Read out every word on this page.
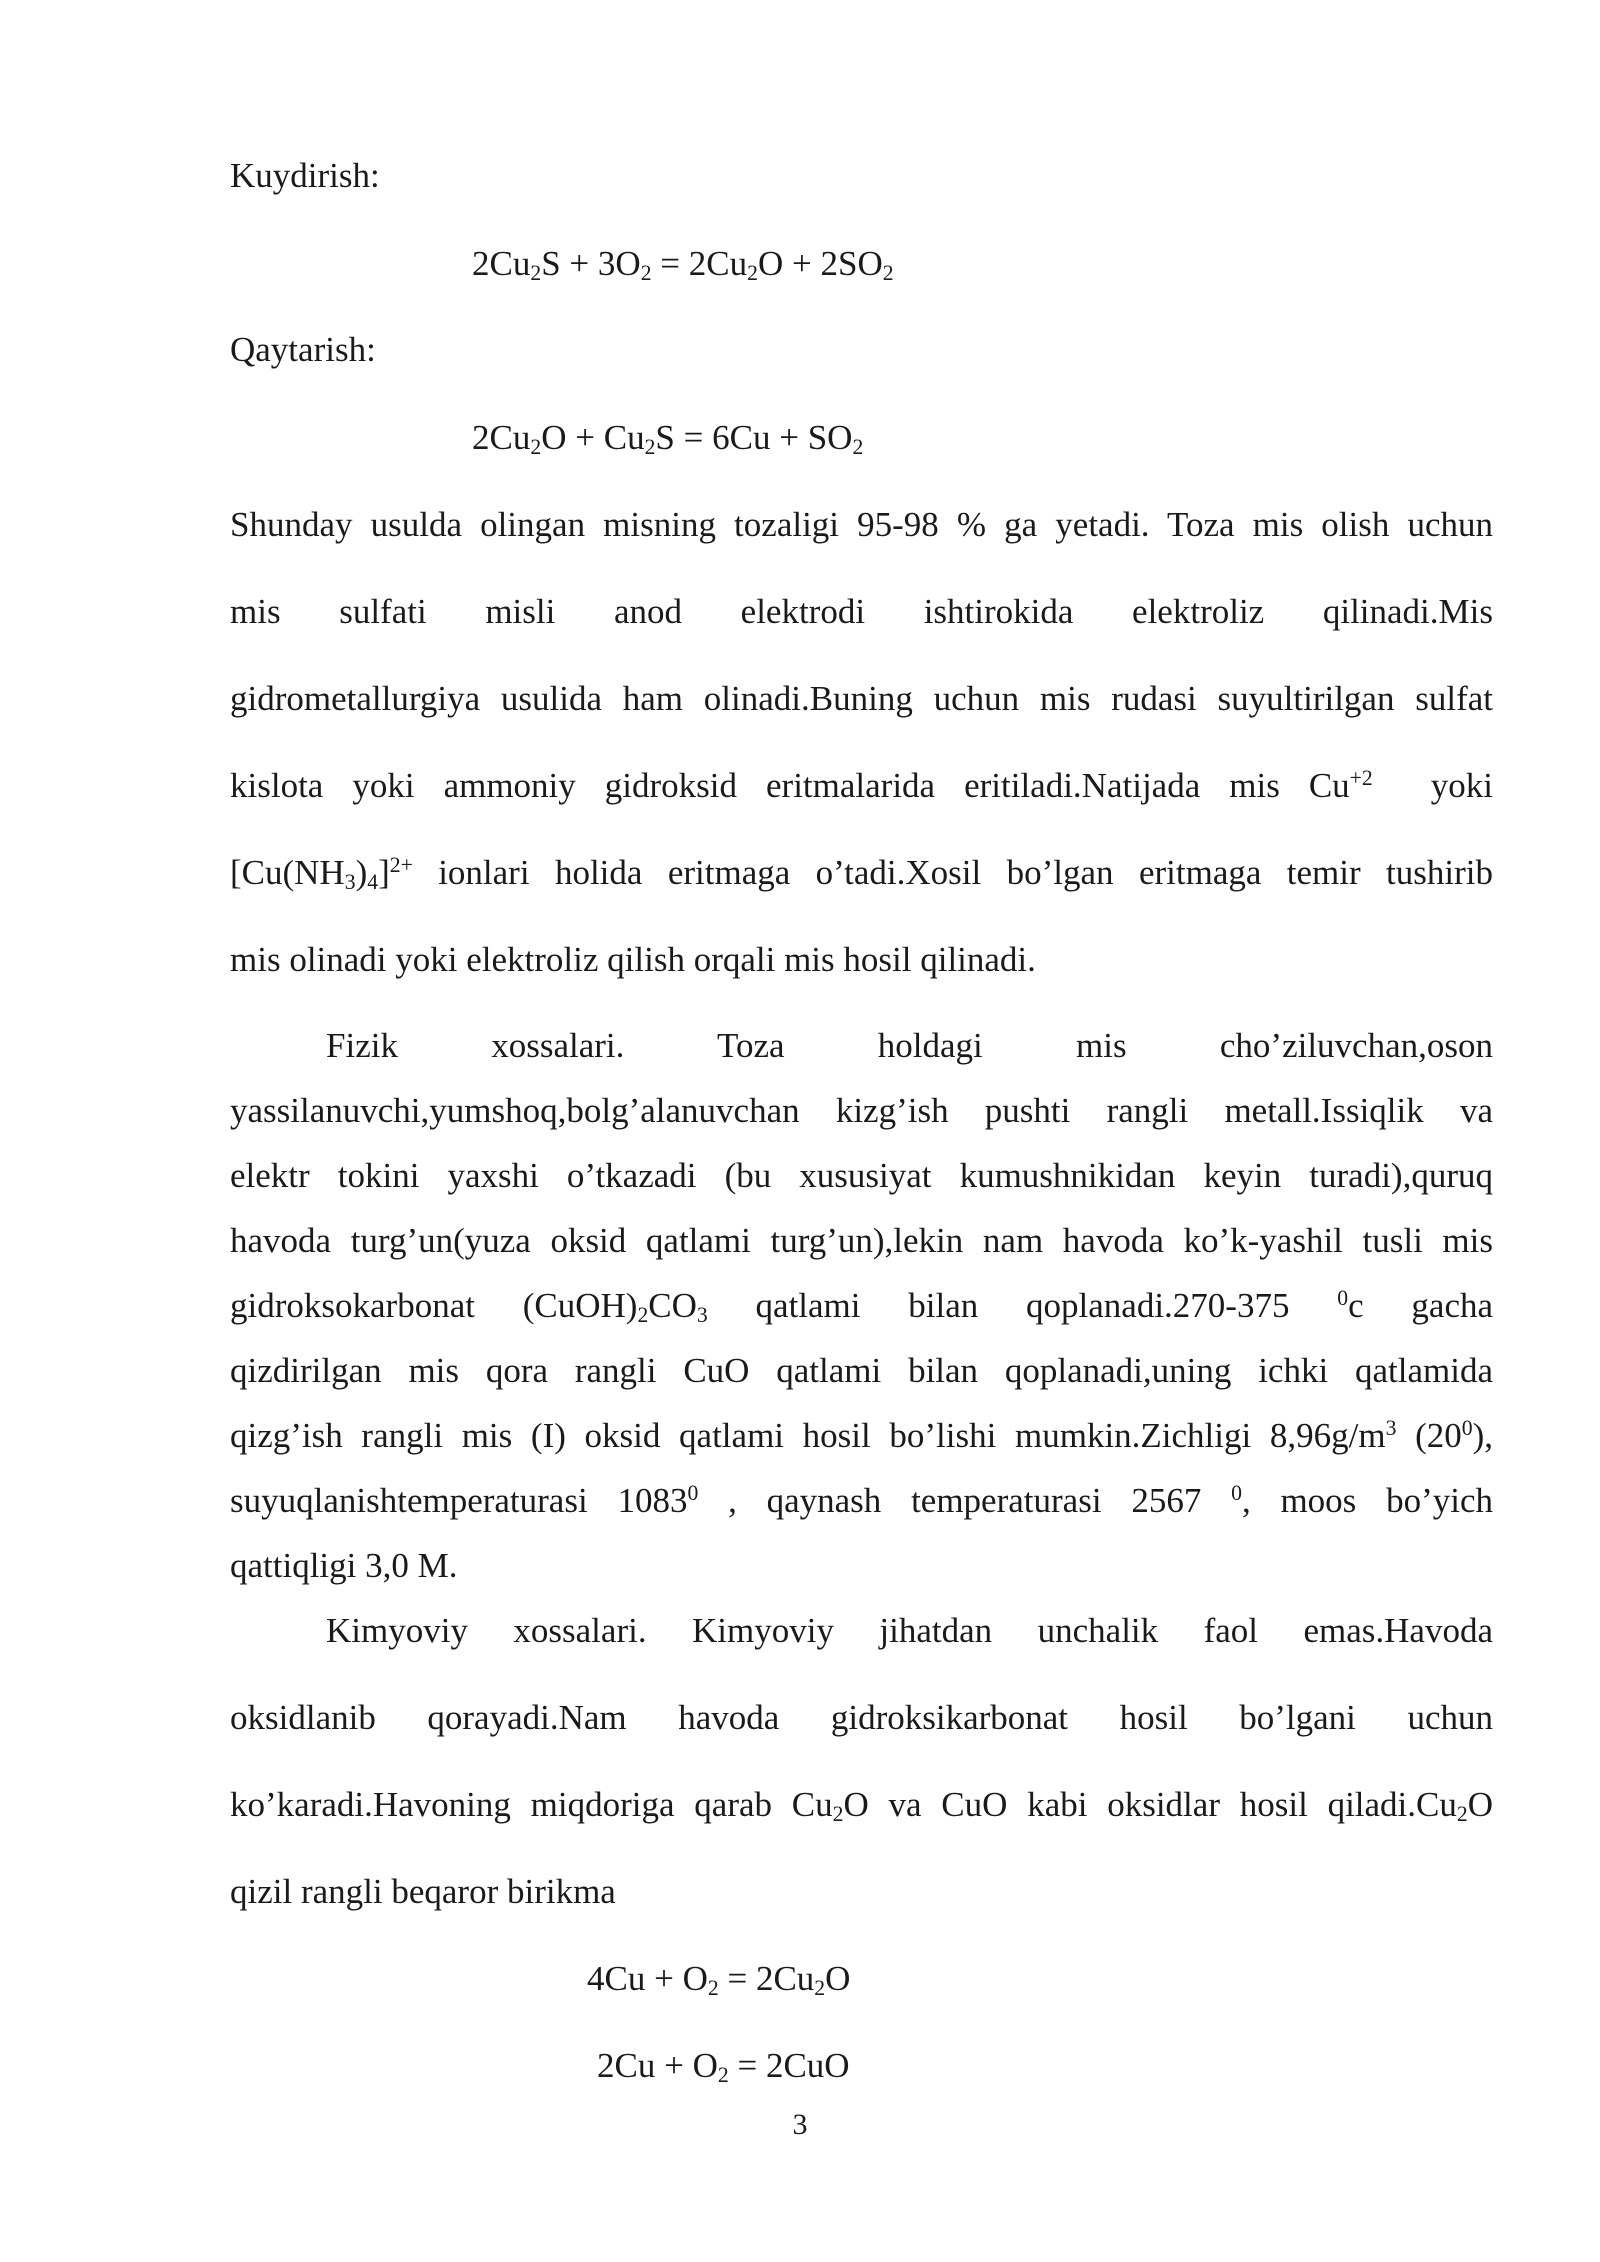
Kuydirish:
$2Cu_2S + 3O_2 = 2Cu_2O + 2SO_2$
Qaytarish:
$2Cu_2O + Cu_2S = 6Cu + SO_2$
Shunday usulda olingan misning tozaligi 95-98 % ga yetadi. Toza mis olish uchun
mis sulfati misli anod elektrodi ishtirokida elektroliz qilinadi.Mis
gidrometallurgiya usulida ham olinadi.Buning uchun mis rudasi suyultirilgan sulfat
kislota yoki ammoniy gidroksid eritmalarida eritiladi.Natijada mis $Cu^{+2}$  yoki
$[Cu(NH_3)_4]^{2+}$ ionlari holida eritmaga o’tadi.Xosil bo’lgan eritmaga temir tushirib
mis olinadi yoki elektroliz qilish orqali mis hosil qilinadi.
Fizik xossalari. Toza holdagi mis cho’ziluvchan,oson
yassilanuvchi,yumshoq,bolg’alanuvchan kizg’ish pushti rangli metall.Issiqlik va
elektr tokini yaxshi o’tkazadi (bu xususiyat kumushnikidan keyin turadi),quruq
havoda turg’un(yuza oksid qatlami turg’un),lekin nam havoda ko’k-yashil tusli mis
gidroksokarbonat $(CuOH)_2CO_3$ qatlami bilan qoplanadi.270-375 $^0$c gacha
qizdirilgan mis qora rangli CuO qatlami bilan qoplanadi,uning ichki qatlamida
qizg’ish rangli mis (I) oksid qatlami hosil bo’lishi mumkin.Zichligi $8,96g/m^3$ $(20^0)$,
suyuqlanishtemperaturasi 1083$^0$ , qaynash temperaturasi 2567 $^0$, moos bo’yich
qattiqligi 3,0 M.
Kimyoviy xossalari. Kimyoviy jihatdan unchalik faol emas.Havoda
oksidlanib qorayadi.Nam havoda gidroksikarbonat hosil bo’lgani uchun
ko’karadi.Havoning miqdoriga qarab $Cu_2O$ va CuO kabi oksidlar hosil $qiladi.Cu_2O$
qizil rangli beqaror birikma
$4Cu + O_2 = 2Cu_2O$
$2Cu + O_2 = 2CuO$
3
